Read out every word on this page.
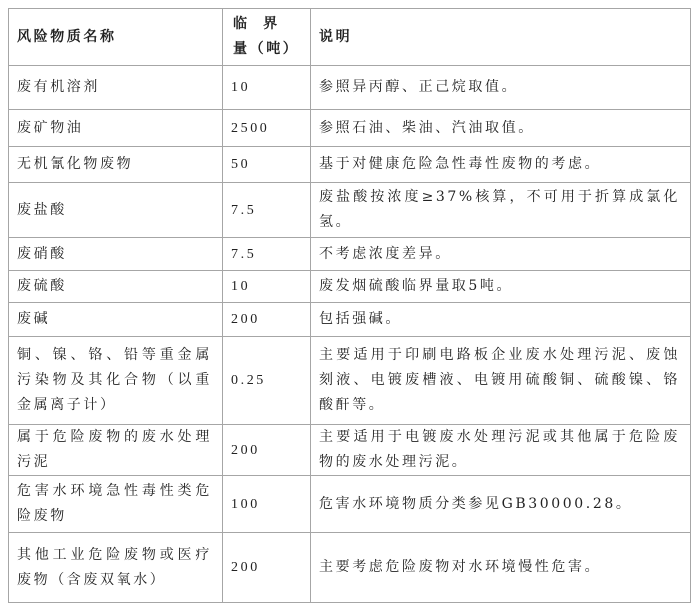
风险物质名称	临 界 量（吨）	说明
废有机溶剂	10	参照异丙醇、正己烷取值。
废矿物油	2500	参照石油、柴油、汽油取值。
无机氰化物废物	50	基于对健康危险急性毒性废物的考虑。
废盐酸	7.5	废盐酸按浓度≥37%核算，不可用于折算成氯化氢。
废硝酸	7.5	不考虑浓度差异。
废硫酸	10	废发烟硫酸临界量取5吨。
废碱	200	包括强碱。
铜、镍、铬、铅等重金属污染物及其化合物（以重金属离子计）	0.25	主要适用于印刷电路板企业废水处理污泥、废蚀刻液、电镀废槽液、电镀用硫酸铜、硫酸镍、铬酸酐等。
属于危险废物的废水处理污泥	200	主要适用于电镀废水处理污泥或其他属于危险废物的废水处理污泥。
危害水环境急性毒性类危险废物	100	危害水环境物质分类参见GB30000.28。
其他工业危险废物或医疗废物（含废双氧水）	200	主要考虑危险废物对水环境慢性危害。
